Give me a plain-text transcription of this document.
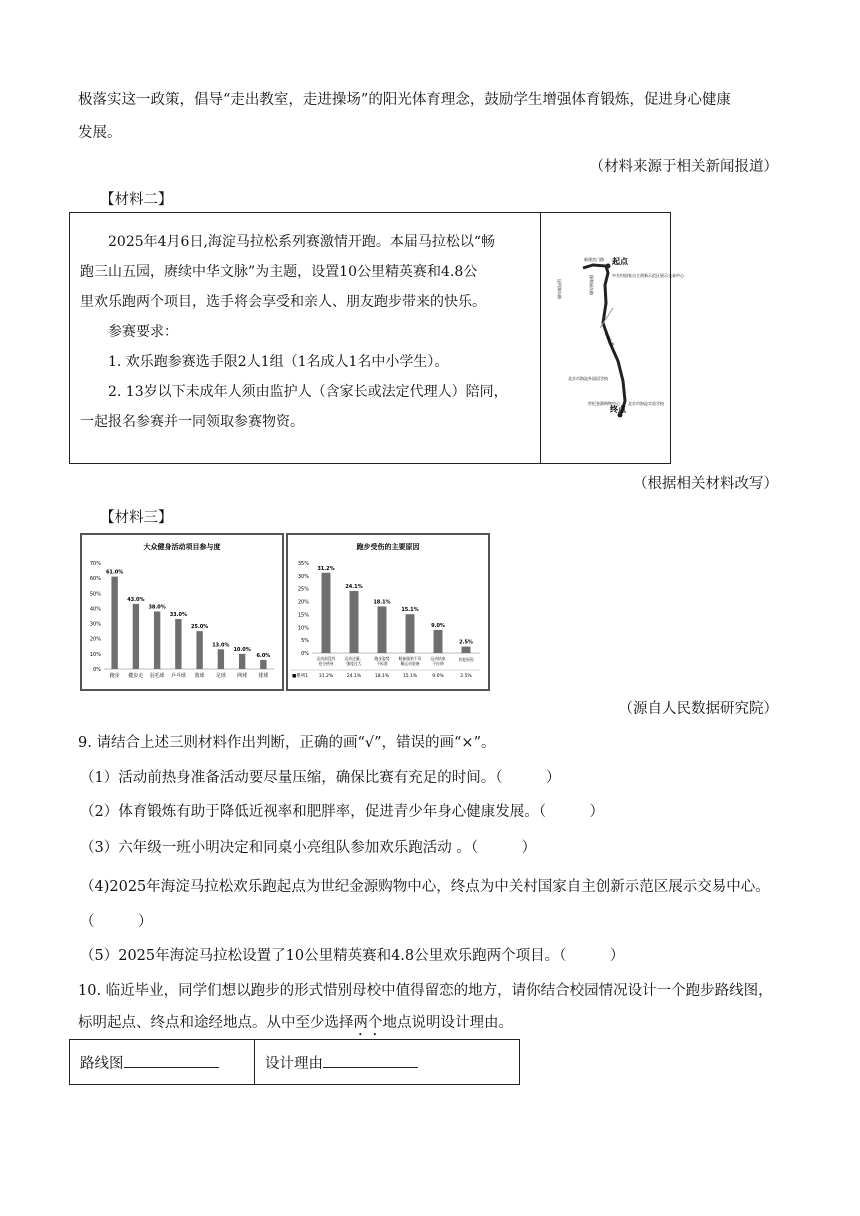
极落实这一政策，倡导“走出教室，走进操场”的阳光体育理念，鼓励学生增强体育锻炼，促进身心健康
发展。
（材料来源于相关新闻报道）
【材料二】
2025年4月6日,海淀马拉松系列赛激情开跑。本届马拉松以“畅
跑三山五园，赓续中华文脉”为主题，设置10公里精英赛和4.8公
里欢乐跑两个项目，选手将会享受和亲人、朋友跑步带来的快乐。
参赛要求：
1. 欢乐跑参赛选手限2人1组（1名成人1名中小学生）。
2. 13岁以下未成年人须由监护人（含家长或法定代理人）陪同，
一起报名参赛并一同领取参赛物资。
起点
终点
中关村国家自主创新示范区展示交易中心
世纪金源购物中心
新建宫门路
颐和园东路
昆明湖东路
万柳东路
北京市海淀外国语学校
北京市海淀实验学校
（根据相关材料改写）
【材料三】
大众健身活动项目参与度
0%
10%
20%
30%
40%
50%
60%
70%
61.0%
跑步
43.0%
健步走
38.0%
羽毛球
33.0%
乒乓球
25.0%
篮球
13.0%
足球
10.0%
网球
6.0%
排球
跑步受伤的主要原因
0%
5%
10%
15%
20%
25%
30%
35%
31.2%
运动前没有
充分热身
31.2%
24.1%
运动过量、
强度过大
24.1%
18.1%
跑步姿势
不标准
18.1%
15.1%
鞋袜服装不穿
戴运动装备
15.1%
9.0%
运动结束
不拉伸
9.0%
2.5%
其他原因
2.5%
■系列1
（源自人民数据研究院）
9. 请结合上述三则材料作出判断，正确的画“√”，错误的画“×”。
（1）活动前热身准备活动要尽量压缩，确保比赛有充足的时间。（　　　）
（2）体育锻炼有助于降低近视率和肥胖率，促进青少年身心健康发展。（　　　）
（3）六年级一班小明决定和同桌小亮组队参加欢乐跑活动 。（　　　）
（4)2025年海淀马拉松欢乐跑起点为世纪金源购物中心，终点为中关村国家自主创新示范区展示交易中心。
（　　　）
（5）2025年海淀马拉松设置了10公里精英赛和4.8公里欢乐跑两个项目。（　　　）
10. 临近毕业，同学们想以跑步的形式惜别母校中值得留恋的地方，请你结合校园情况设计一个跑步路线图，
标明起点、终点和途经地点。从中至少选择两个地点说明设计理由。
路线图	设计理由
